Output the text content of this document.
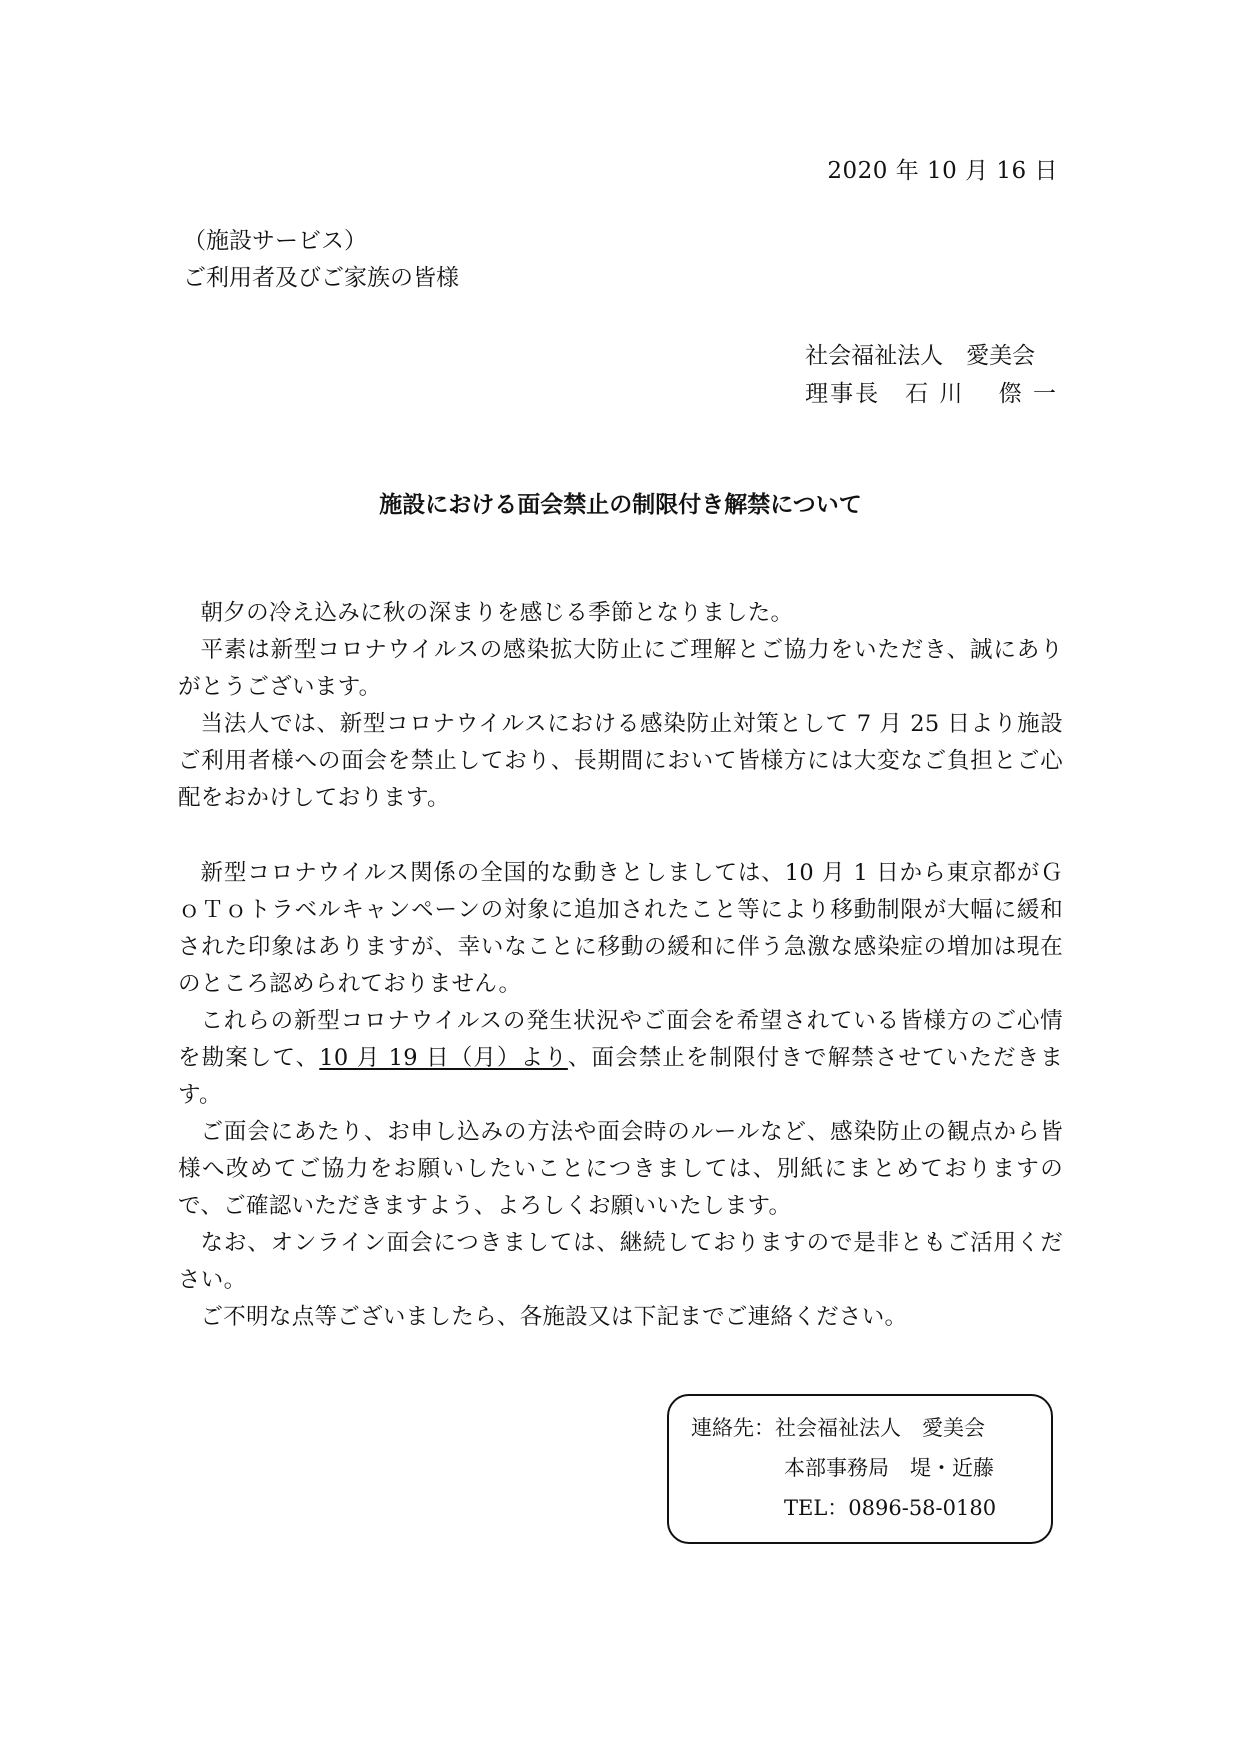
2020 年 10 月 16 日
（施設サービス）
ご利用者及びご家族の皆様
社会福祉法人　愛美会
理事長　石 川　 傺 一
施設における面会禁止の制限付き解禁について

朝夕の冷え込みに秋の深まりを感じる季節となりました。

平素は新型コロナウイルスの感染拡大防止にご理解とご協力をいただき、誠にありがとうございます。

当法人では、新型コロナウイルスにおける感染防止対策として 7 月 25 日より施設ご利用者様への面会を禁止しており、長期間において皆様方には大変なご負担とご心配をおかけしております。

新型コロナウイルス関係の全国的な動きとしましては、10 月 1 日から東京都がＧｏＴｏトラベルキャンペーンの対象に追加されたこと等により移動制限が大幅に緩和された印象はありますが、幸いなことに移動の緩和に伴う急激な感染症の増加は現在のところ認められておりません。

これらの新型コロナウイルスの発生状況やご面会を希望されている皆様方のご心情を勘案して、10 月 19 日（月）より、面会禁止を制限付きで解禁させていただきます。

ご面会にあたり、お申し込みの方法や面会時のルールなど、感染防止の観点から皆様へ改めてご協力をお願いしたいことにつきましては、別紙にまとめておりますので、ご確認いただきますよう、よろしくお願いいたします。

なお、オンライン面会につきましては、継続しておりますので是非ともご活用ください。

ご不明な点等ございましたら、各施設又は下記までご連絡ください。

連絡先：社会福祉法人　愛美会
本部事務局　堤・近藤
TEL：0896-58-0180
